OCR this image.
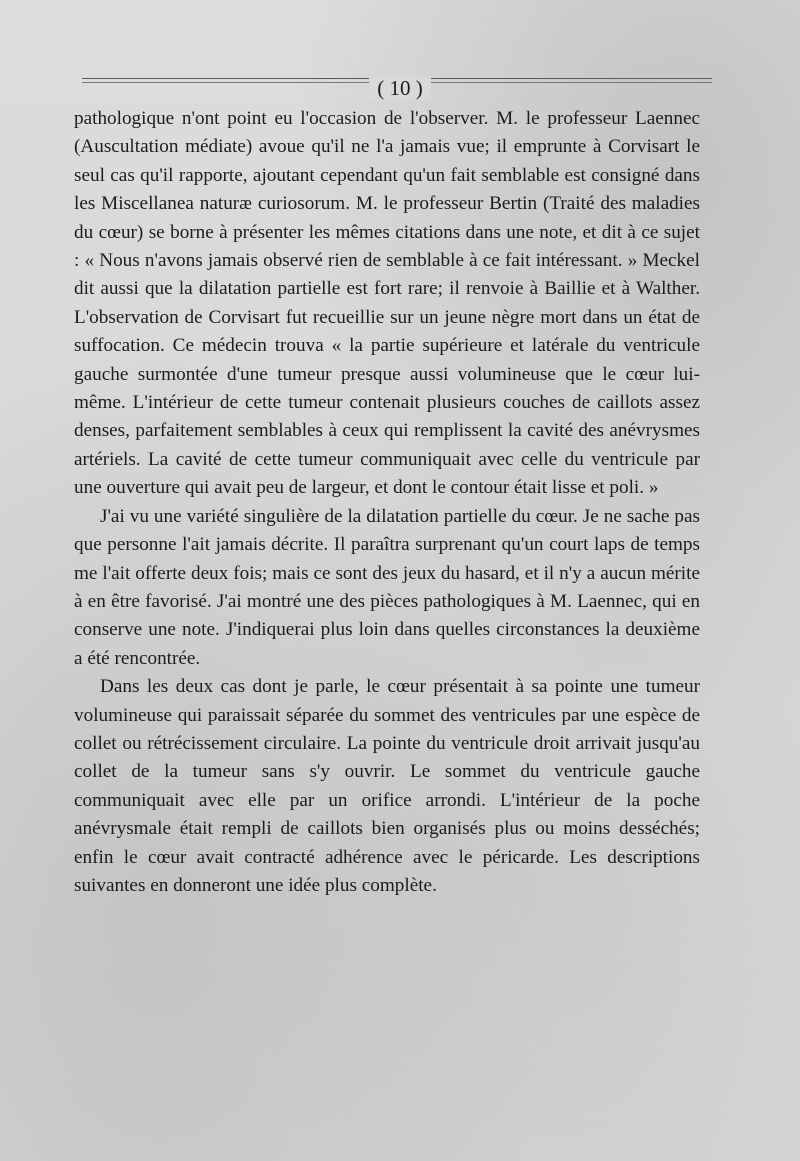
( 10 )

pathologique n'ont point eu l'occasion de l'observer. M. le professeur Laennec (Auscultation médiate) avoue qu'il ne l'a jamais vue; il emprunte à Corvisart le seul cas qu'il rapporte, ajoutant cependant qu'un fait semblable est consigné dans les Miscellanea naturæ curiosorum. M. le professeur Bertin (Traité des maladies du cœur) se borne à présenter les mêmes citations dans une note, et dit à ce sujet : « Nous n'avons jamais observé rien de semblable à ce fait intéressant. » Meckel dit aussi que la dilatation partielle est fort rare; il renvoie à Baillie et à Walther. L'observation de Corvisart fut recueillie sur un jeune nègre mort dans un état de suffocation. Ce médecin trouva « la partie supérieure et latérale du ventricule gauche surmontée d'une tumeur presque aussi volumineuse que le cœur lui-même. L'intérieur de cette tumeur contenait plusieurs couches de caillots assez denses, parfaitement semblables à ceux qui remplissent la cavité des anévrysmes artériels. La cavité de cette tumeur communiquait avec celle du ventricule par une ouverture qui avait peu de largeur, et dont le contour était lisse et poli. »

J'ai vu une variété singulière de la dilatation partielle du cœur. Je ne sache pas que personne l'ait jamais décrite. Il paraîtra surprenant qu'un court laps de temps me l'ait offerte deux fois; mais ce sont des jeux du hasard, et il n'y a aucun mérite à en être favorisé. J'ai montré une des pièces pathologiques à M. Laennec, qui en conserve une note. J'indiquerai plus loin dans quelles circonstances la deuxième a été rencontrée.

Dans les deux cas dont je parle, le cœur présentait à sa pointe une tumeur volumineuse qui paraissait séparée du sommet des ventricules par une espèce de collet ou rétrécissement circulaire. La pointe du ventricule droit arrivait jusqu'au collet de la tumeur sans s'y ouvrir. Le sommet du ventricule gauche communiquait avec elle par un orifice arrondi. L'intérieur de la poche anévrysmale était rempli de caillots bien organisés plus ou moins desséchés; enfin le cœur avait contracté adhérence avec le péricarde. Les descriptions suivantes en donneront une idée plus complète.
